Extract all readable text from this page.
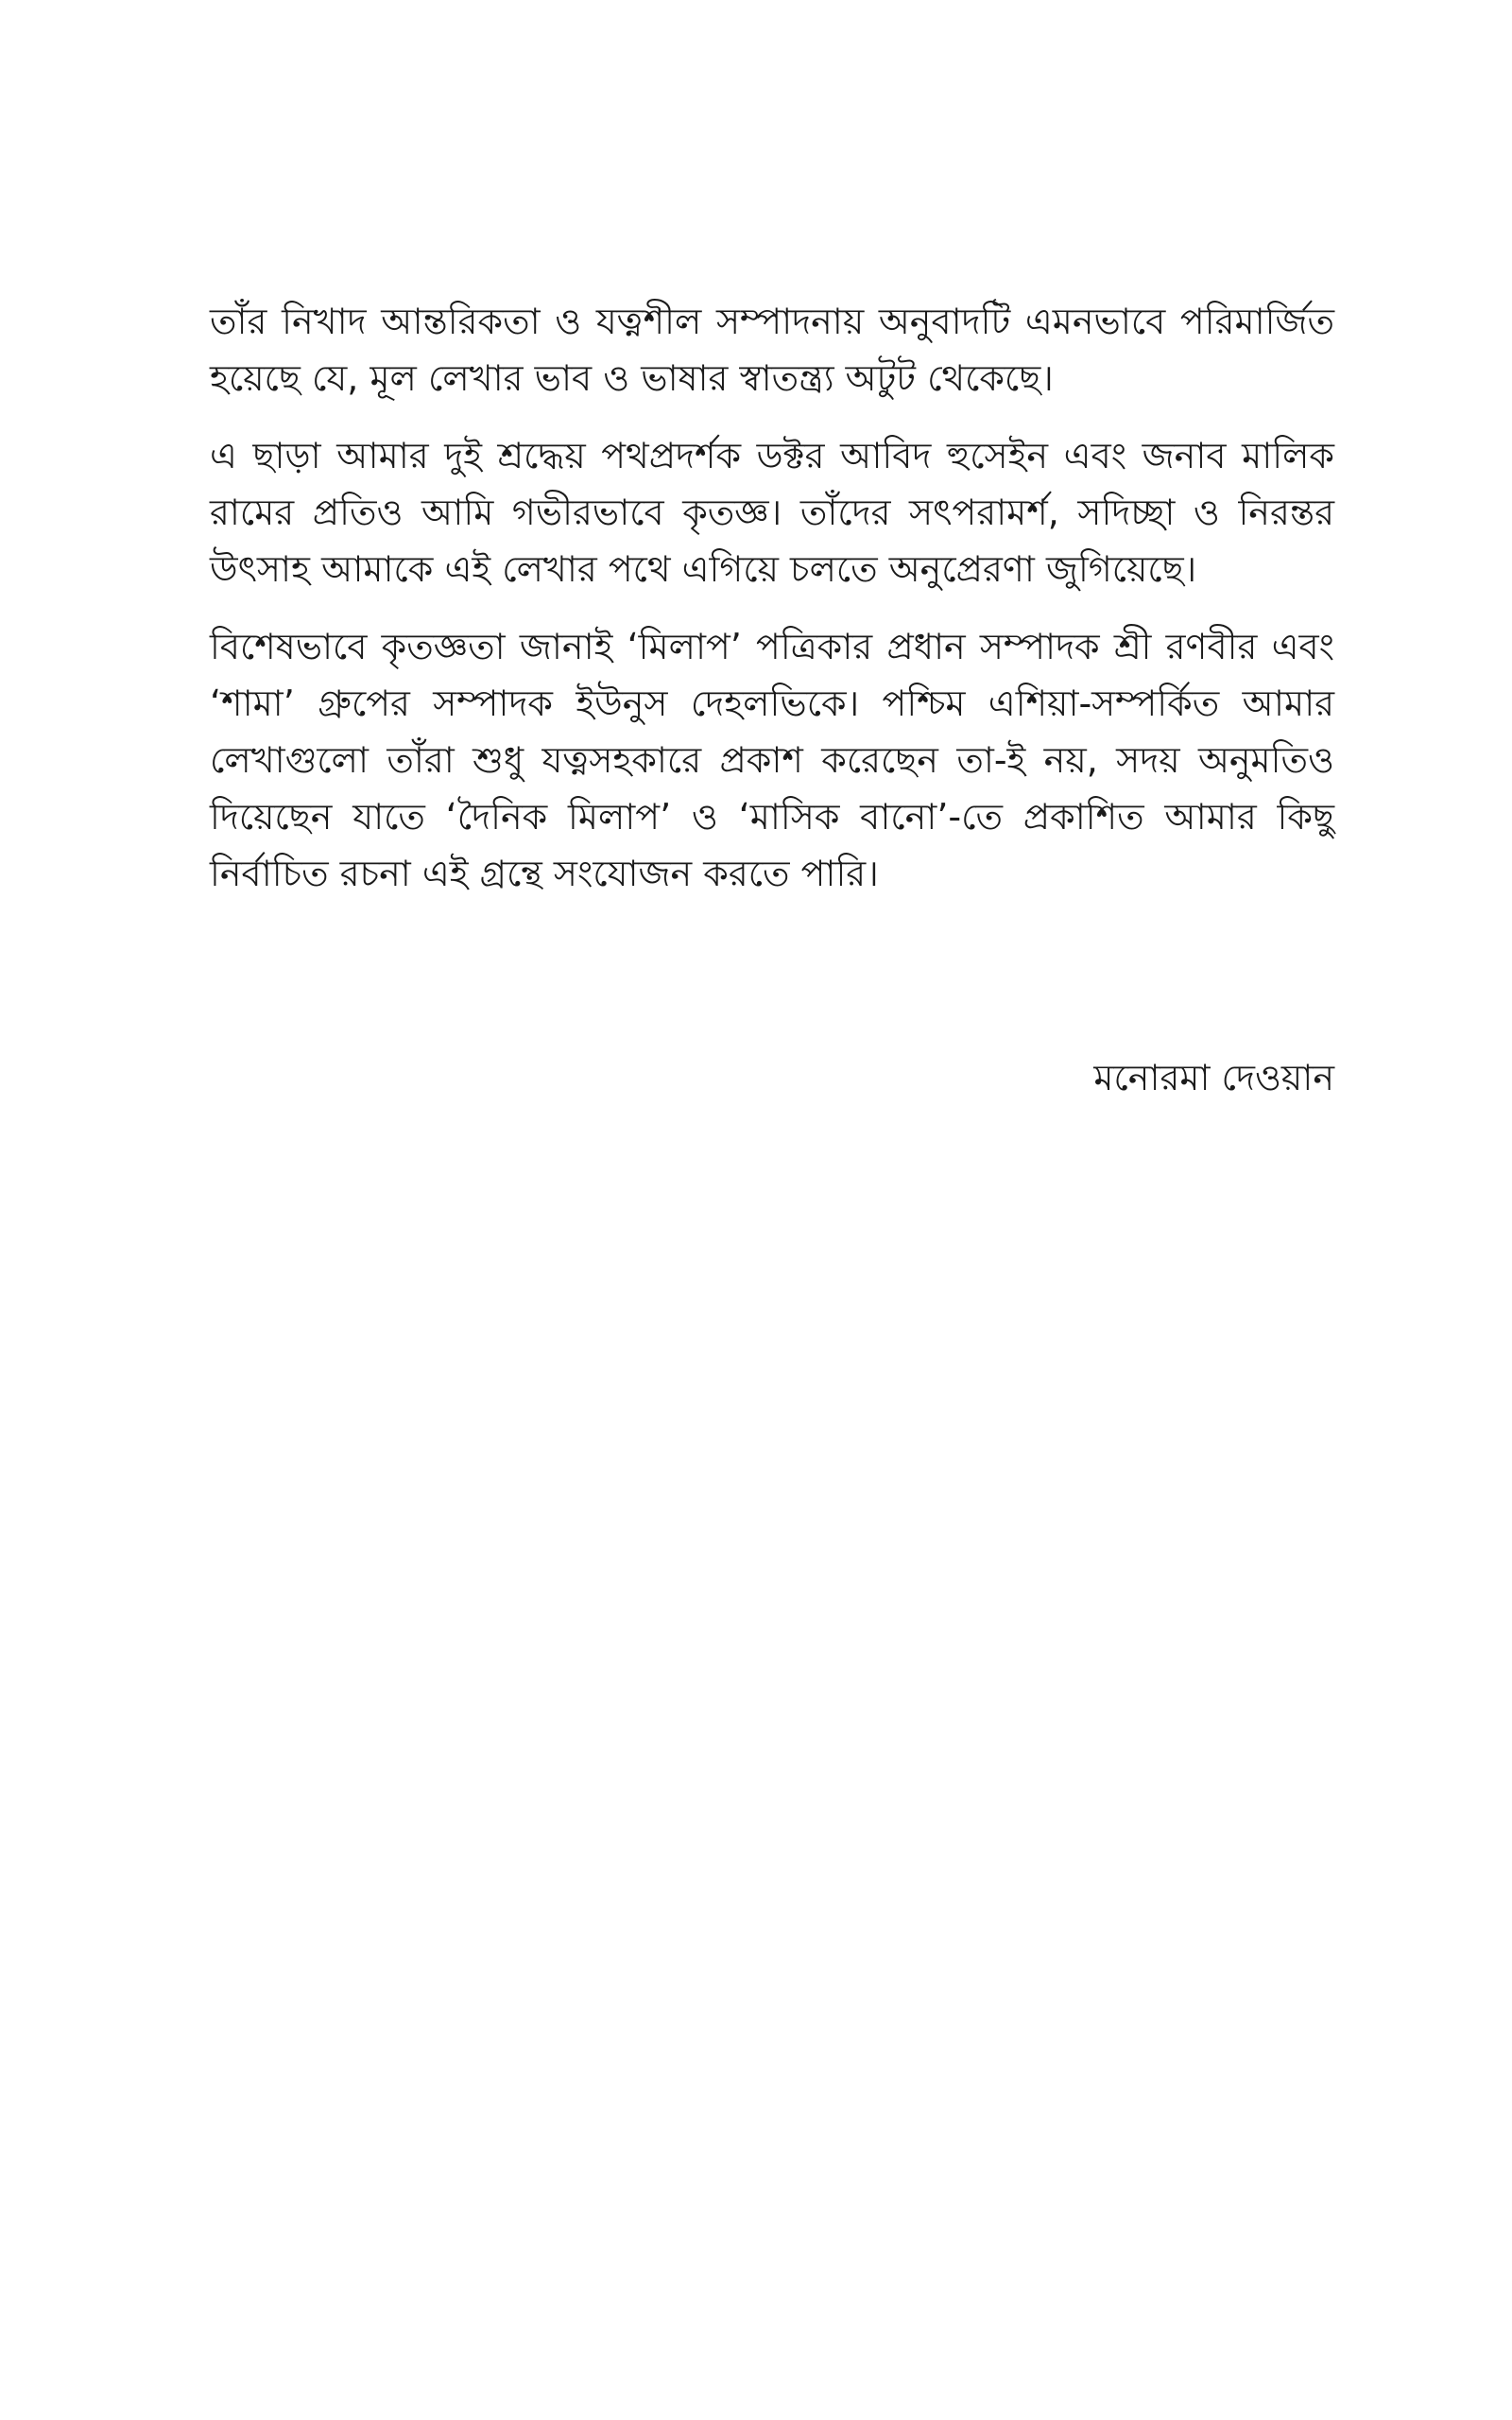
তাঁর নিখাদ আন্তরিকতা ও যত্নশীল সম্পাদনায় অনুবাদটি এমনভাবে পরিমার্জিত হয়েছে যে, মূল লেখার ভাব ও ভাষার স্বাতন্ত্র্য অটুট থেকেছে।

এ ছাড়া আমার দুই শ্রদ্ধেয় পথপ্রদর্শক ডক্টর আবিদ হুসেইন এবং জনাব মালিক রামের প্রতিও আমি গভীরভাবে কৃতজ্ঞ। তাঁদের সৎপরামর্শ, সদিচ্ছা ও নিরন্তর উৎসাহ আমাকে এই লেখার পথে এগিয়ে চলতে অনুপ্রেরণা জুগিয়েছে।

বিশেষভাবে কৃতজ্ঞতা জানাই ‘মিলাপ’ পত্রিকার প্রধান সম্পাদক শ্রী রণবীর এবং ‘শামা’ গ্রুপের সম্পাদক ইউনুস দেহলভিকে। পশ্চিম এশিয়া-সম্পর্কিত আমার লেখাগুলো তাঁরা শুধু যত্নসহকারে প্রকাশ করেছেন তা-ই নয়, সদয় অনুমতিও দিয়েছেন যাতে ‘দৈনিক মিলাপ’ ও ‘মাসিক বানো’-তে প্রকাশিত আমার কিছু নির্বাচিত রচনা এই গ্রন্থে সংযোজন করতে পারি।

মনোরমা দেওয়ান
